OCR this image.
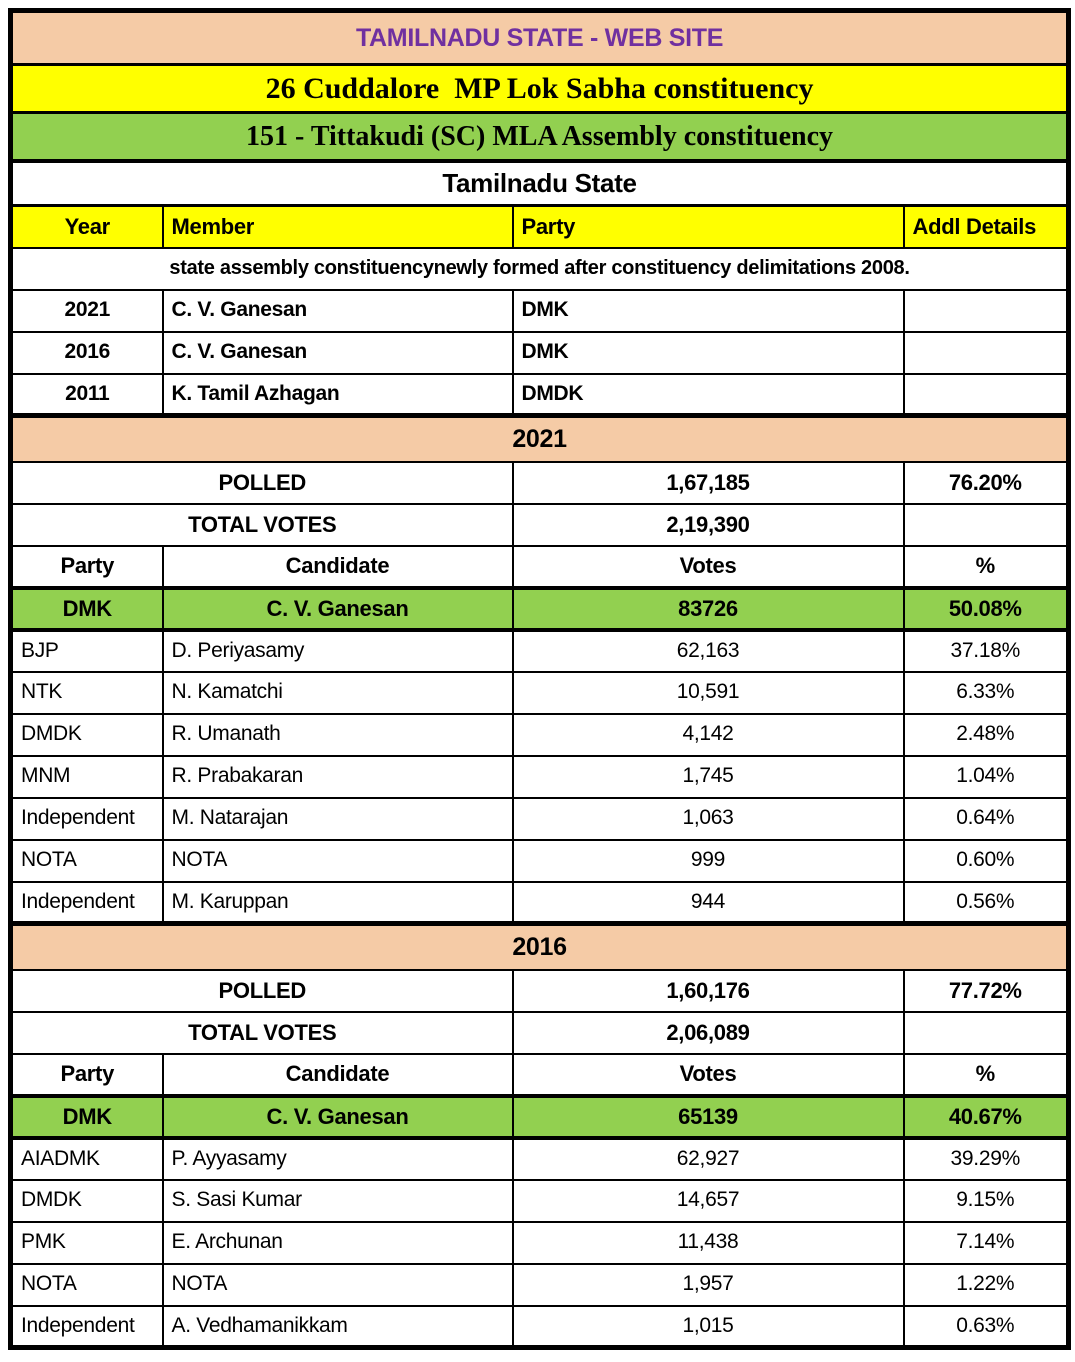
TAMILNADU STATE - WEB SITE			
26 Cuddalore  MP Lok Sabha constituency			
151 - Tittakudi (SC) MLA Assembly constituency			
Tamilnadu State			
Year	Member	Party	Addl Details
state assembly constituencynewly formed after constituency delimitations 2008.			
2021	C. V. Ganesan	DMK	
2016	C. V. Ganesan	DMK	
2011	K. Tamil Azhagan	DMDK	
2021			
POLLED		1,67,185	76.20%
TOTAL VOTES		2,19,390	
Party	Candidate	Votes	%
DMK	C. V. Ganesan	83726	50.08%
BJP	D. Periyasamy	62,163	37.18%
NTK	N. Kamatchi	10,591	6.33%
DMDK	R. Umanath	4,142	2.48%
MNM	R. Prabakaran	1,745	1.04%
Independent	M. Natarajan	1,063	0.64%
NOTA	NOTA	999	0.60%
Independent	M. Karuppan	944	0.56%
2016			
POLLED		1,60,176	77.72%
TOTAL VOTES		2,06,089	
Party	Candidate	Votes	%
DMK	C. V. Ganesan	65139	40.67%
AIADMK	P. Ayyasamy	62,927	39.29%
DMDK	S. Sasi Kumar	14,657	9.15%
PMK	E. Archunan	11,438	7.14%
NOTA	NOTA	1,957	1.22%
Independent	A. Vedhamanikkam	1,015	0.63%
